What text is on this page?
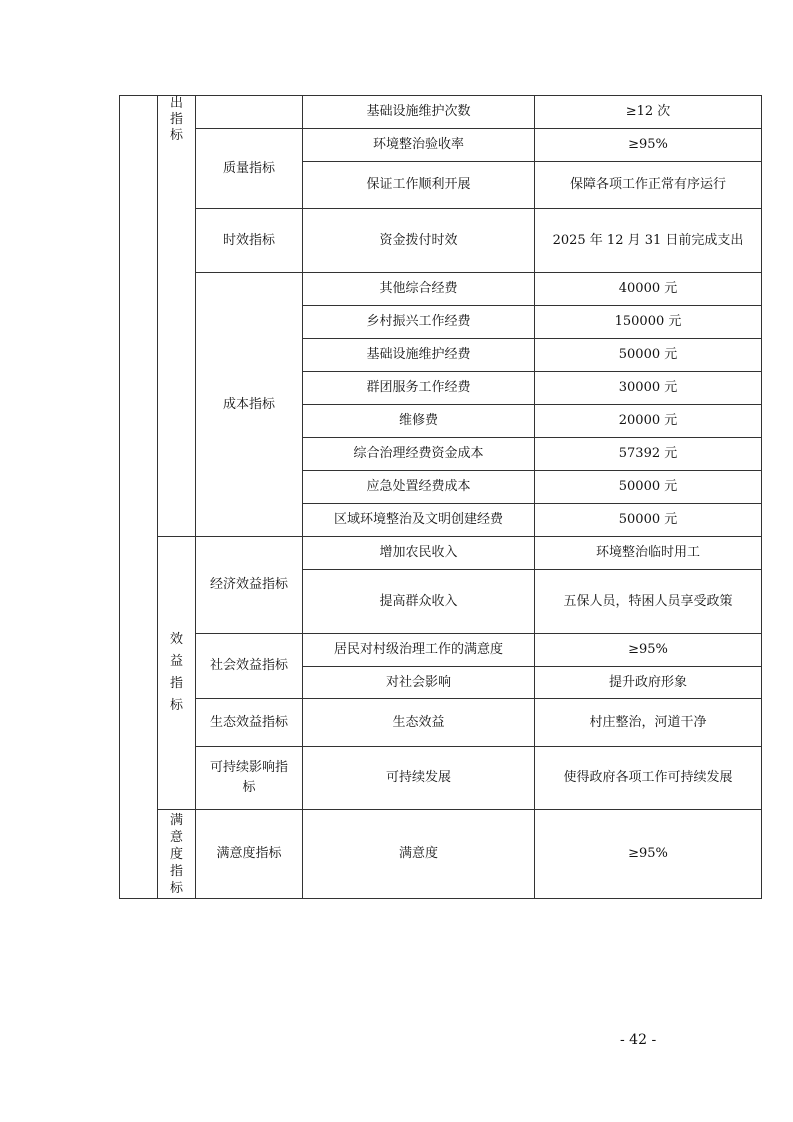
	出指标		基础设施维护次数	≥12 次
		质量指标	环境整治验收率	≥95%
			保证工作顺利开展	保障各项工作正常有序运行
		时效指标	资金拨付时效	2025 年 12 月 31 日前完成支出
		成本指标	其他综合经费	40000 元
			乡村振兴工作经费	150000 元
			基础设施维护经费	50000 元
			群团服务工作经费	30000 元
			维修费	20000 元
			综合治理经费资金成本	57392 元
			应急处置经费成本	50000 元
			区域环境整治及文明创建经费	50000 元

	效益指标	经济效益指标	增加农民收入	环境整治临时用工
			提高群众收入	五保人员，特困人员享受政策
		社会效益指标	居民对村级治理工作的满意度	≥95%
			对社会影响	提升政府形象
		生态效益指标	生态效益	村庄整治，河道干净

		可持续影响指标	可持续发展	使得政府各项工作可持续发展

	满意度指标	满意度指标	满意度	≥95%
- 42 -
